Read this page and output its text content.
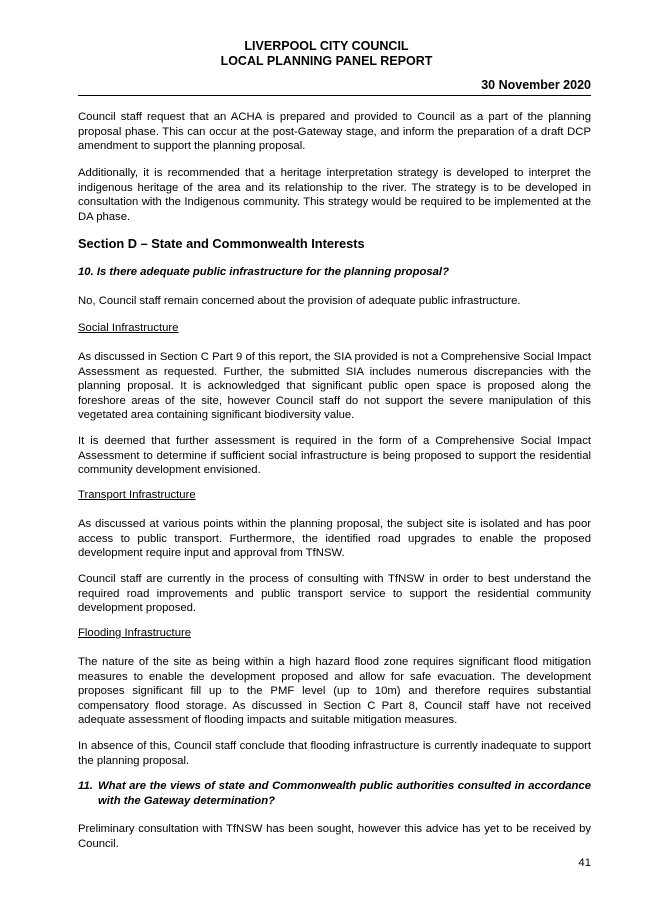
LIVERPOOL CITY COUNCIL
LOCAL PLANNING PANEL REPORT
30 November 2020

Council staff request that an ACHA is prepared and provided to Council as a part of the planning proposal phase. This can occur at the post-Gateway stage, and inform the preparation of a draft DCP amendment to support the planning proposal.

Additionally, it is recommended that a heritage interpretation strategy is developed to interpret the indigenous heritage of the area and its relationship to the river. The strategy is to be developed in consultation with the Indigenous community. This strategy would be required to be implemented at the DA phase.

Section D – State and Commonwealth Interests
10. Is there adequate public infrastructure for the planning proposal?

No, Council staff remain concerned about the provision of adequate public infrastructure.

Social Infrastructure

As discussed in Section C Part 9 of this report, the SIA provided is not a Comprehensive Social Impact Assessment as requested. Further, the submitted SIA includes numerous discrepancies with the planning proposal. It is acknowledged that significant public open space is proposed along the foreshore areas of the site, however Council staff do not support the severe manipulation of this vegetated area containing significant biodiversity value.

It is deemed that further assessment is required in the form of a Comprehensive Social Impact Assessment to determine if sufficient social infrastructure is being proposed to support the residential community development envisioned.

Transport Infrastructure

As discussed at various points within the planning proposal, the subject site is isolated and has poor access to public transport. Furthermore, the identified road upgrades to enable the proposed development require input and approval from TfNSW.

Council staff are currently in the process of consulting with TfNSW in order to best understand the required road improvements and public transport service to support the residential community development proposed.

Flooding Infrastructure

The nature of the site as being within a high hazard flood zone requires significant flood mitigation measures to enable the development proposed and allow for safe evacuation. The development proposes significant fill up to the PMF level (up to 10m) and therefore requires substantial compensatory flood storage. As discussed in Section C Part 8, Council staff have not received adequate assessment of flooding impacts and suitable mitigation measures.

In absence of this, Council staff conclude that flooding infrastructure is currently inadequate to support the planning proposal.

11. What are the views of state and Commonwealth public authorities consulted in accordance with the Gateway determination?

Preliminary consultation with TfNSW has been sought, however this advice has yet to be received by Council.

41
